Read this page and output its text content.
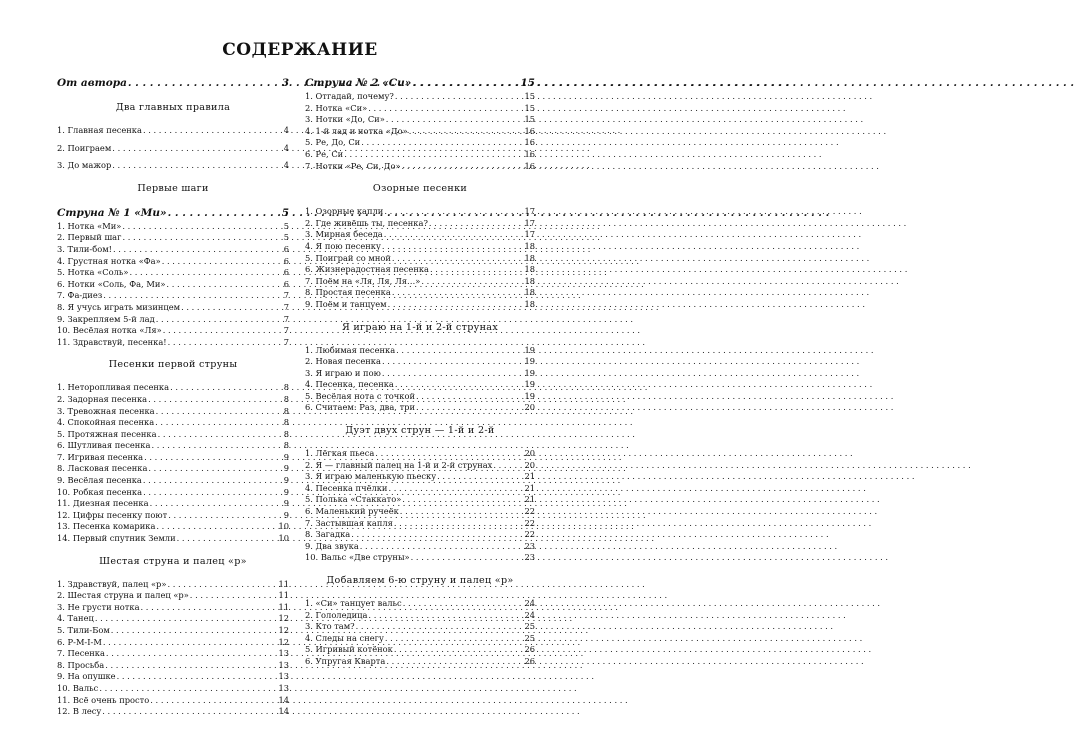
СОДЕРЖАНИЕ
От автора . . .	3
Два главных правила
1. Главная песенка . . .	4
2. Поиграем . . .	4
3. До мажор . . .	4
Первые шаги
Струна № 1 «Ми» . . .	5
1. Нотка «Ми» . . .	5
2. Первый шаг . . .	5
3. Тили-бом! . . .	6
4. Грустная нотка «Фа» . . .	6
5. Нотка «Соль» . . .	6
6. Нотки «Соль, Фа, Ми» . . .	6
7. Фа-диез . . .	7
8. Я учусь играть мизинцем . . .	7
9. Закрепляем 5-й лад . . .	7
10. Весёлая нотка «Ля» . . .	7
11. Здравствуй, песенка! . . .	7
Песенки первой струны
1. Неторопливая песенка . . .	8
2. Задорная песенка . . .	8
3. Тревожная песенка . . .	8
4. Спокойная песенка . . .	8
5. Протяжная песенка . . .	8
6. Шутливая песенка . . .	8
7. Игривая песенка . . .	9
8. Ласковая песенка . . .	9
9. Весёлая песенка . . .	9
10. Робкая песенка . . .	9
11. Диезная песенка . . .	9
12. Цифры песенку поют . . .	9
13. Песенка комарика . . .	10
14. Первый спутник Земли . . .	10
Шестая струна и палец «р»
1. Здравствуй, палец «р» . . .	11
2. Шестая струна и палец «р» . . .	11
3. Не грусти нотка . . .	11
4. Танец . . .	12
5. Тили-Бом . . .	12
6. Р-М-I-М . . .	12
7. Песенка . . .	13
8. Просьба . . .	13
9. На опушке . . .	13
10. Вальс . . .	13
11. Всё очень просто . . .	14
12. В лесу . . .	14
Струна № 2 «Си» . . .	15
1. Отгадай, почему? . . .	15
2. Нотка «Си» . . .	15
3. Нотки «До, Си» . . .	15
4. 1-й лад и нотка «До» . . .	16
5. Ре, До, Си . . .	16
6. Ре, Си . . .	16
7. Нотки «Ре, Си, До» . . .	16
Озорные песенки
1. Озорные капли . . .	17
2. Где живёшь ты, песенка? . . .	17
3. Мирная беседа . . .	17
4. Я пою песенку . . .	18
5. Поиграй со мной . . .	18
6. Жизнерадостная песенка . . .	18
7. Поём на «Ля, Ля, Ля…» . . .	18
8. Простая песенка . . .	18
9. Поём и танцуем . . .	18
Я играю на 1-й и 2-й струнах
1. Любимая песенка . . .	19
2. Новая песенка . . .	19
3. Я играю и пою . . .	19
4. Песенка, песенка . . .	19
5. Весёлая нота с точкой . . .	19
6. Считаем: Раз, два, три . . .	20
Дуэт двух струн — 1-й и 2-й
1. Лёгкая пьеса . . .	20
2. Я — главный палец на 1-й и 2-й струнах . . .	20
3. Я играю маленькую пьеску . . .	21
4. Песенка пчёлки . . .	21
5. Полька «Стаккато» . . .	21
6. Маленький ручеёк . . .	22
7. Застывшая капля . . .	22
8. Загадка . . .	22
9. Два звука . . .	23
10. Вальс «Две струны» . . .	23
Добавляем 6-ю струну и палец «р»
1. «Си» танцует вальс . . .	24
2. Гололедица . . .	24
3. Кто там? . . .	25
4. Следы на снегу . . .	25
5. Игривый котёнок . . .	26
6. Упругая Кварта . . .	26
